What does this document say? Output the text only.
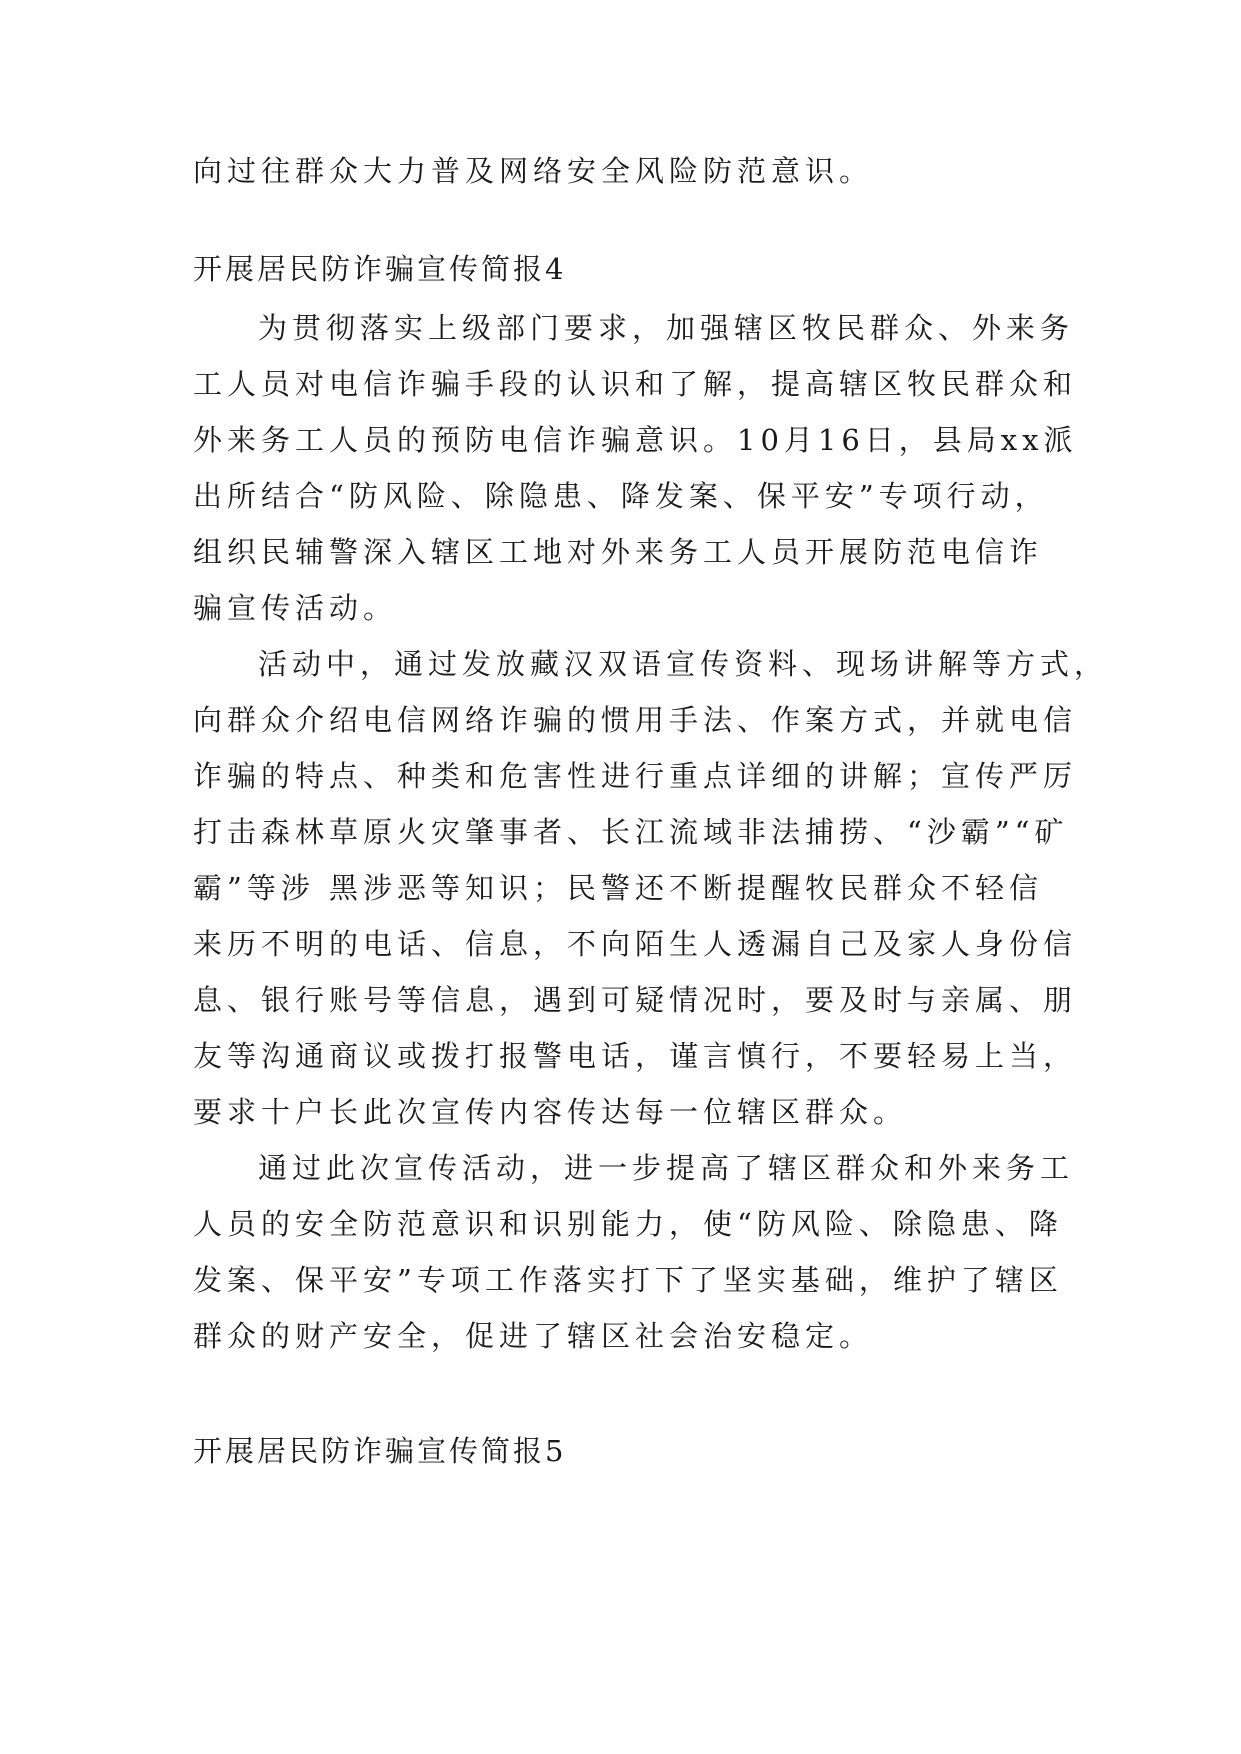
向过往群众大力普及网络安全风险防范意识。
开展居民防诈骗宣传简报4
为贯彻落实上级部门要求，加强辖区牧民群众、外来务
工人员对电信诈骗手段的认识和了解，提高辖区牧民群众和
外来务工人员的预防电信诈骗意识。10月16日，县局xx派
出所结合“防风险、除隐患、降发案、保平安”专项行动，
组织民辅警深入辖区工地对外来务工人员开展防范电信诈
骗宣传活动。
活动中，通过发放藏汉双语宣传资料、现场讲解等方式，
向群众介绍电信网络诈骗的惯用手法、作案方式，并就电信
诈骗的特点、种类和危害性进行重点详细的讲解；宣传严厉
打击森林草原火灾肇事者、长江流域非法捕捞、“沙霸”“矿
霸”等涉 黑涉恶等知识；民警还不断提醒牧民群众不轻信
来历不明的电话、信息，不向陌生人透漏自己及家人身份信
息、银行账号等信息，遇到可疑情况时，要及时与亲属、朋
友等沟通商议或拨打报警电话，谨言慎行，不要轻易上当，
要求十户长此次宣传内容传达每一位辖区群众。
通过此次宣传活动，进一步提高了辖区群众和外来务工
人员的安全防范意识和识别能力，使“防风险、除隐患、降
发案、保平安”专项工作落实打下了坚实基础，维护了辖区
群众的财产安全，促进了辖区社会治安稳定。
开展居民防诈骗宣传简报5
